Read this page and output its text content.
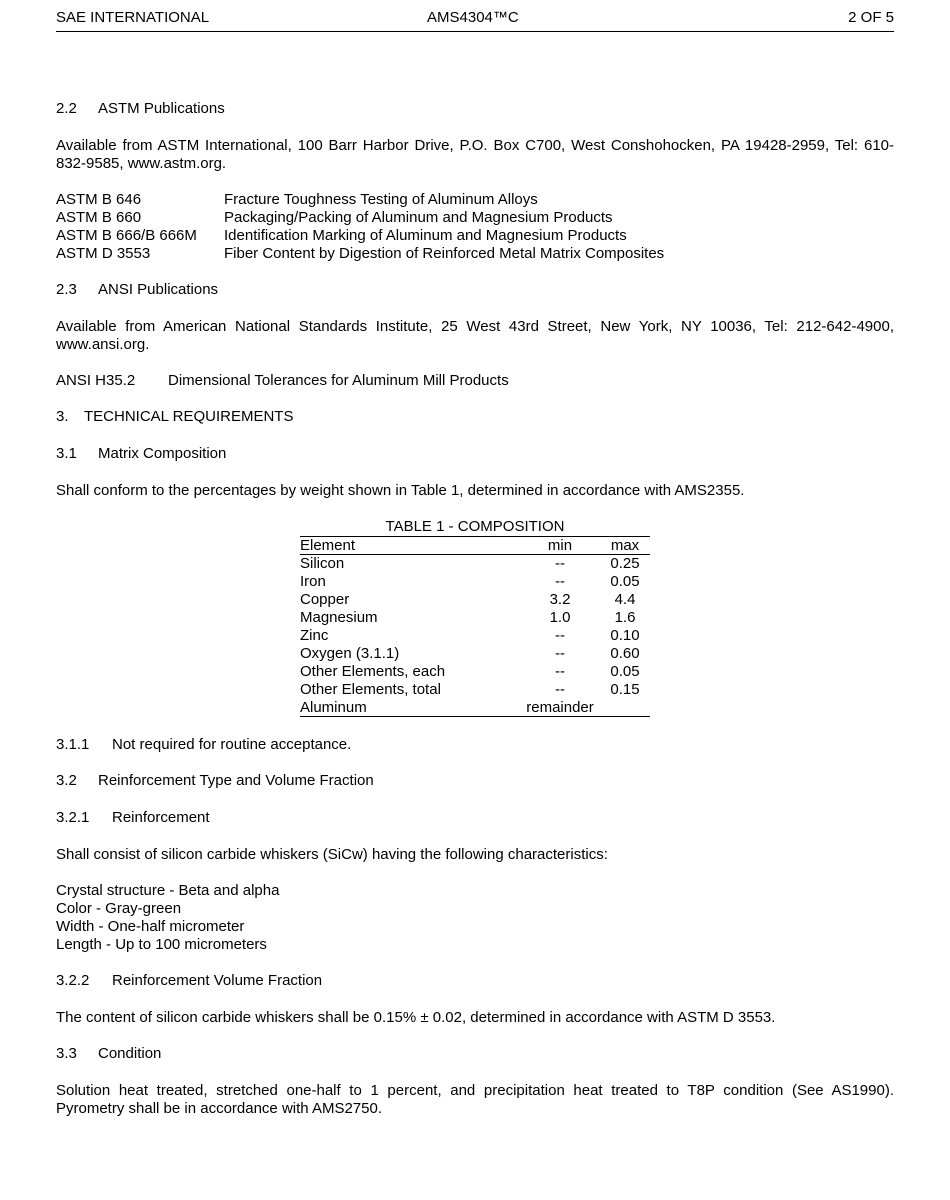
SAE INTERNATIONAL	AMS4304™C	2 OF 5
2.2 ASTM Publications
Available from ASTM International, 100 Barr Harbor Drive, P.O. Box C700, West Conshohocken, PA 19428-2959, Tel: 610-832-9585, www.astm.org.
ASTM B 646	Fracture Toughness Testing of Aluminum Alloys
ASTM B 660	Packaging/Packing of Aluminum and Magnesium Products
ASTM B 666/B 666M Identification Marking of Aluminum and Magnesium Products
ASTM D 3553	Fiber Content by Digestion of Reinforced Metal Matrix Composites
2.3 ANSI Publications
Available from American National Standards Institute, 25 West 43rd Street, New York, NY 10036, Tel: 212-642-4900, www.ansi.org.
ANSI H35.2 Dimensional Tolerances for Aluminum Mill Products
3. TECHNICAL REQUIREMENTS
3.1 Matrix Composition
Shall conform to the percentages by weight shown in Table 1, determined in accordance with AMS2355.
TABLE 1 - COMPOSITION
Element	min	max
Silicon	--	0.25
Iron	--	0.05
Copper	3.2	4.4
Magnesium	1.0	1.6
Zinc	--	0.10
Oxygen (3.1.1)	--	0.60
Other Elements, each	--	0.05
Other Elements, total	--	0.15
Aluminum	remainder
3.1.1 Not required for routine acceptance.
3.2 Reinforcement Type and Volume Fraction
3.2.1 Reinforcement
Shall consist of silicon carbide whiskers (SiCw) having the following characteristics:
Crystal structure - Beta and alpha
Color - Gray-green
Width - One-half micrometer
Length - Up to 100 micrometers
3.2.2 Reinforcement Volume Fraction
The content of silicon carbide whiskers shall be 0.15% ± 0.02, determined in accordance with ASTM D 3553.
3.3 Condition
Solution heat treated, stretched one-half to 1 percent, and precipitation heat treated to T8P condition (See AS1990). Pyrometry shall be in accordance with AMS2750.
